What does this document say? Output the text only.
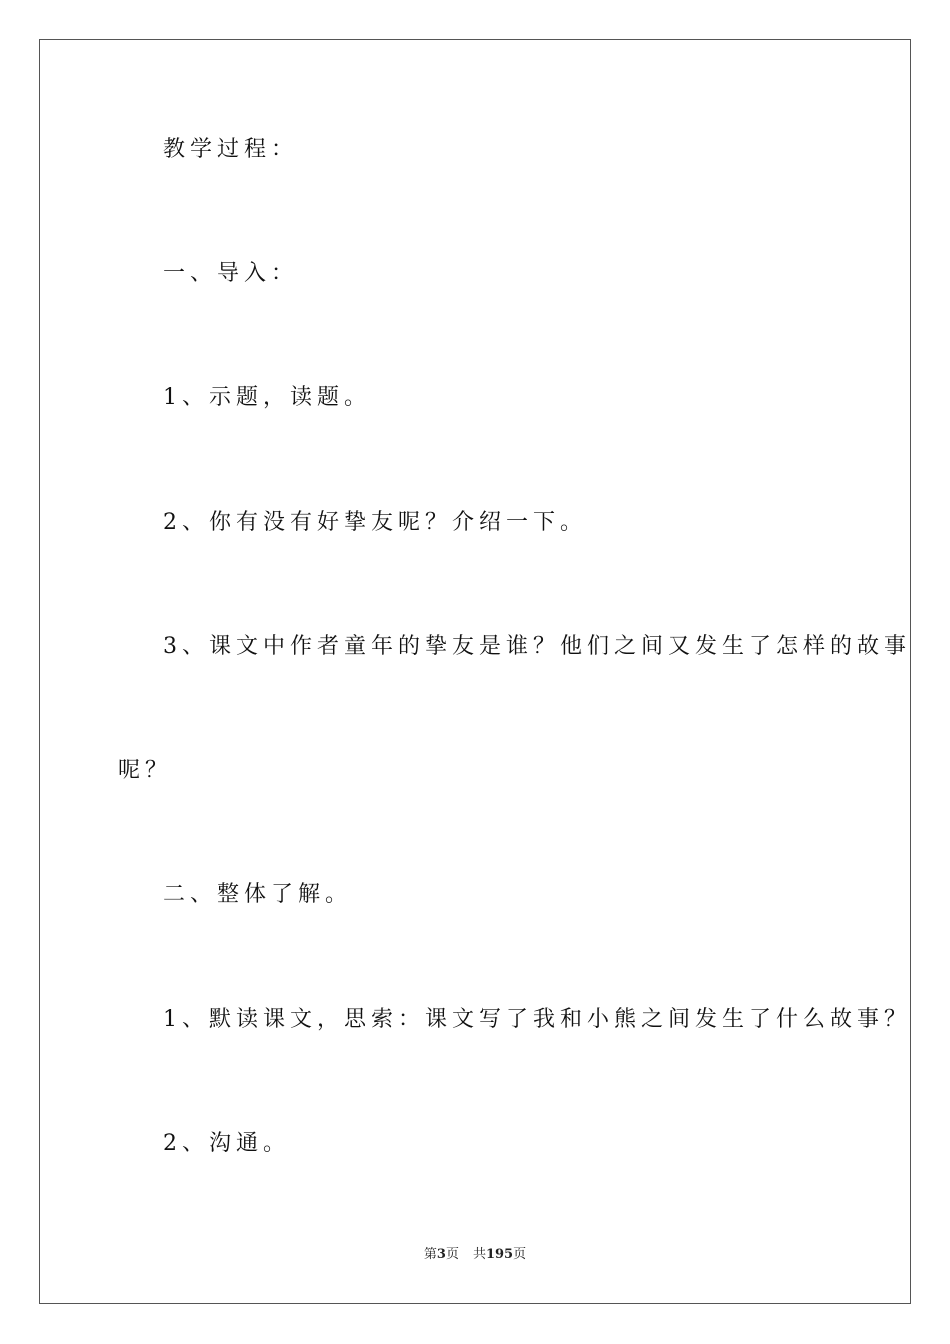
教学过程：
一、导入：
1、示题，读题。
2、你有没有好挚友呢？介绍一下。
3、课文中作者童年的挚友是谁？他们之间又发生了怎样的故事
呢？
二、整体了解。
1、默读课文，思索：课文写了我和小熊之间发生了什么故事？
2、沟通。
第3页 共195页
